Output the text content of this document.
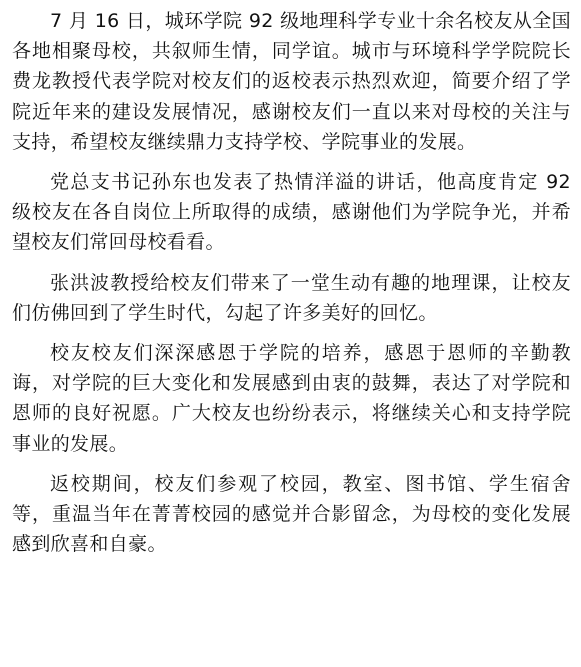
7 月 16 日，城环学院 92 级地理科学专业十余名校友从全国各地相聚母校，共叙师生情，同学谊。城市与环境科学学院院长费龙教授代表学院对校友们的返校表示热烈欢迎，简要介绍了学院近年来的建设发展情况，感谢校友们一直以来对母校的关注与支持，希望校友继续鼎力支持学校、学院事业的发展。

党总支书记孙东也发表了热情洋溢的讲话，他高度肯定 92 级校友在各自岗位上所取得的成绩，感谢他们为学院争光，并希望校友们常回母校看看。

张洪波教授给校友们带来了一堂生动有趣的地理课，让校友们仿佛回到了学生时代，勾起了许多美好的回忆。

校友校友们深深感恩于学院的培养，感恩于恩师的辛勤教诲，对学院的巨大变化和发展感到由衷的鼓舞，表达了对学院和恩师的良好祝愿。广大校友也纷纷表示，将继续关心和支持学院事业的发展。

返校期间，校友们参观了校园，教室、图书馆、学生宿舍等，重温当年在菁菁校园的感觉并合影留念，为母校的变化发展感到欣喜和自豪。
